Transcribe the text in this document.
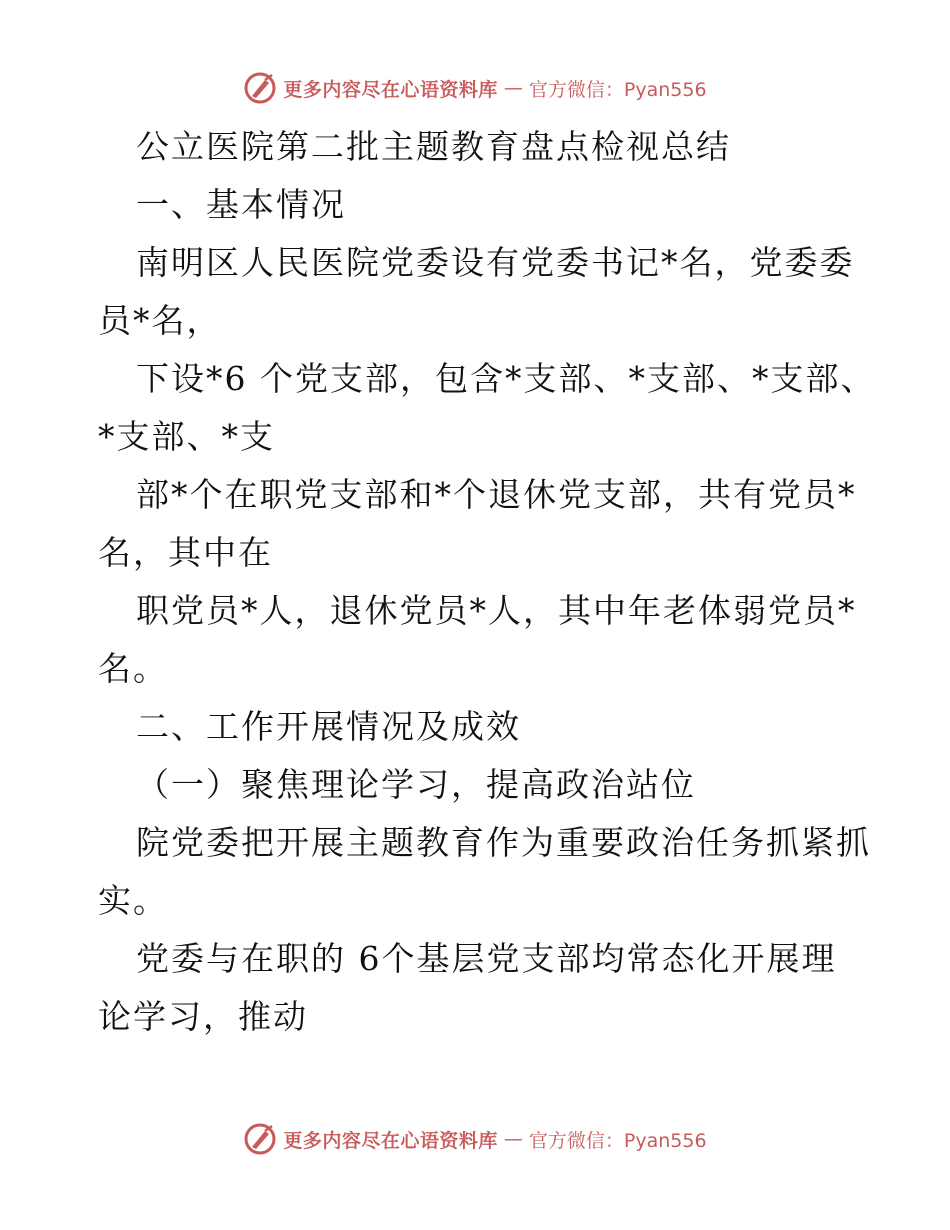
更多内容尽在心语资料库 — 官方微信：Pyan556
公立医院第二批主题教育盘点检视总结
一、基本情况
南明区人民医院党委设有党委书记*名，党委委
员*名，
下设*6 个党支部，包含*支部、*支部、*支部、
*支部、*支
部*个在职党支部和*个退休党支部，共有党员*
名，其中在
职党员*人，退休党员*人，其中年老体弱党员*
名。
二、工作开展情况及成效
（一）聚焦理论学习，提高政治站位
院党委把开展主题教育作为重要政治任务抓紧抓
实。
党委与在职的 6个基层党支部均常态化开展理
论学习，推动
更多内容尽在心语资料库 — 官方微信：Pyan556
